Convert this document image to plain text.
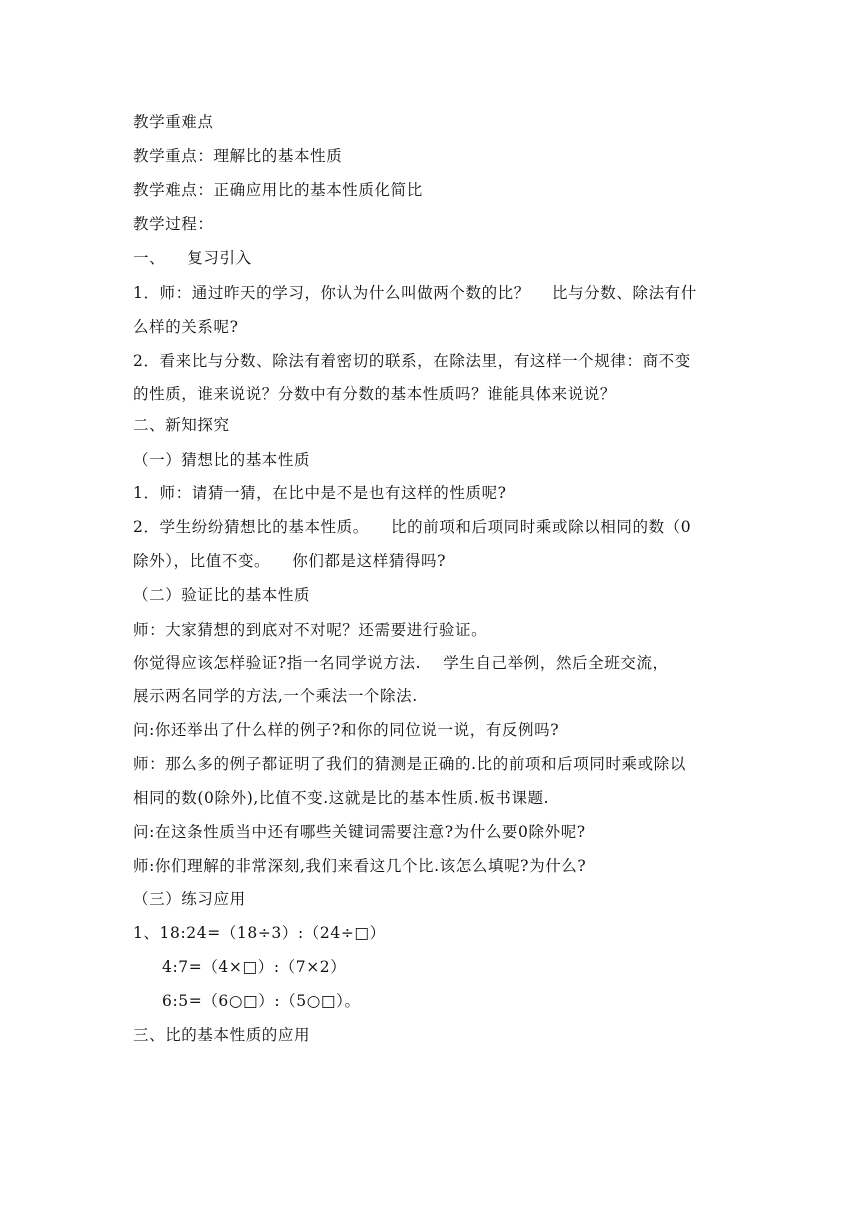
教学重难点
教学重点：理解比的基本性质
教学难点：正确应用比的基本性质化简比
教学过程：
一、    复习引入
1．师：通过昨天的学习，你认为什么叫做两个数的比？    比与分数、除法有什
么样的关系呢?
2．看来比与分数、除法有着密切的联系，在除法里，有这样一个规律：商不变
的性质，谁来说说？分数中有分数的基本性质吗？谁能具体来说说？
二、新知探究
（一）猜想比的基本性质
1．师：请猜一猜，在比中是不是也有这样的性质呢?
2．学生纷纷猜想比的基本性质。    比的前项和后项同时乘或除以相同的数（0
除外），比值不变。    你们都是这样猜得吗?
（二）验证比的基本性质
师：大家猜想的到底对不对呢？还需要进行验证。
你觉得应该怎样验证?指一名同学说方法.    学生自己举例，然后全班交流，
展示两名同学的方法,一个乘法一个除法.
问:你还举出了什么样的例子?和你的同位说一说，有反例吗?
师：那么多的例子都证明了我们的猜测是正确的.比的前项和后项同时乘或除以
相同的数(0除外),比值不变.这就是比的基本性质.板书课题.
问:在这条性质当中还有哪些关键词需要注意?为什么要0除外呢?
师:你们理解的非常深刻,我们来看这几个比.该怎么填呢?为什么?
（三）练习应用
1、18:24=（18÷3）:（24÷□）
4:7=（4×□）:（7×2）
6:5=（6○□）:（5○□）。
三、比的基本性质的应用
